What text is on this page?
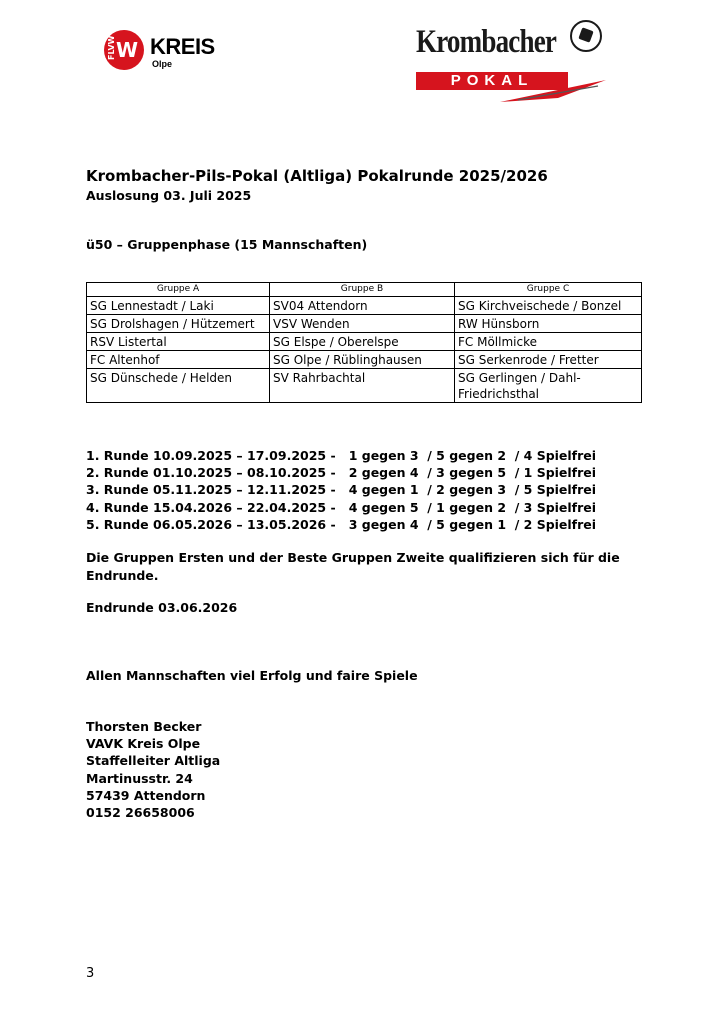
FLVW W KREIS
Olpe
Krombacher
POKAL
Krombacher-Pils-Pokal (Altliga) Pokalrunde 2025/2026
Auslosung 03. Juli 2025
ü50 – Gruppenphase (15 Mannschaften)
Gruppe A	Gruppe B	Gruppe C
SG Lennestadt / Laki	SV04 Attendorn	SG Kirchveischede / Bonzel
SG Drolshagen / Hützemert	VSV Wenden	RW Hünsborn
RSV Listertal	SG Elspe / Oberelspe	FC Möllmicke
FC Altenhof	SG Olpe / Rüblinghausen	SG Serkenrode / Fretter
SG Dünschede / Helden	SV Rahrbachtal	SG Gerlingen / Dahl-Friedrichsthal
1. Runde 10.09.2025 – 17.09.2025 -   1 gegen 3  / 5 gegen 2  / 4 Spielfrei
2. Runde 01.10.2025 – 08.10.2025 -   2 gegen 4  / 3 gegen 5  / 1 Spielfrei
3. Runde 05.11.2025 – 12.11.2025 -   4 gegen 1  / 2 gegen 3  / 5 Spielfrei
4. Runde 15.04.2026 – 22.04.2025 -   4 gegen 5  / 1 gegen 2  / 3 Spielfrei
5. Runde 06.05.2026 – 13.05.2026 -   3 gegen 4  / 5 gegen 1  / 2 Spielfrei
Die Gruppen Ersten und der Beste Gruppen Zweite qualifizieren sich für die Endrunde.
Endrunde 03.06.2026
Allen Mannschaften viel Erfolg und faire Spiele
Thorsten Becker
VAVK Kreis Olpe
Staffelleiter Altliga
Martinusstr. 24
57439 Attendorn
0152 26658006
3
